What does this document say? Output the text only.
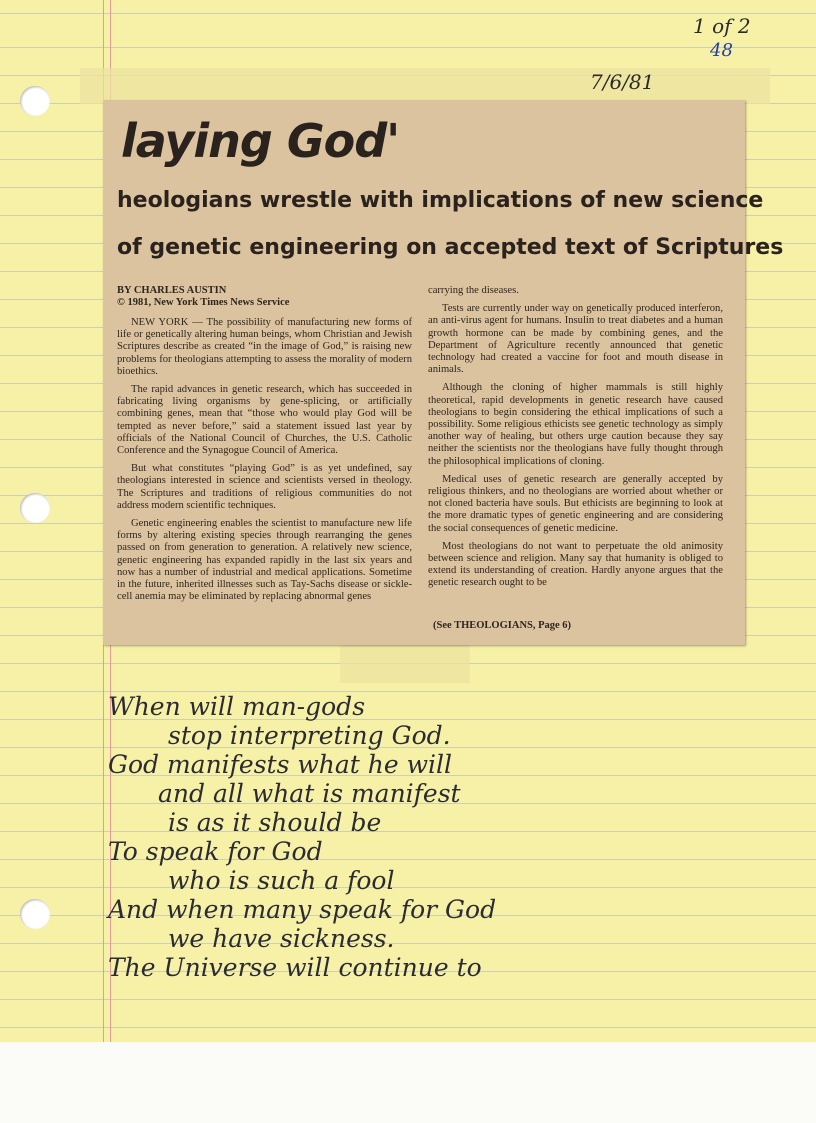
1 of 2
48
7/6/81
laying God'
heologians wrestle with implications of new science
of genetic engineering on accepted text of Scriptures
BY CHARLES AUSTIN
© 1981, New York Times News Service

NEW YORK — The possibility of manufacturing new forms of life or genetically altering human beings, whom Christian and Jewish Scriptures describe as created “in the image of God,” is raising new problems for theologians attempting to assess the morality of modern bioethics.

The rapid advances in genetic research, which has succeeded in fabricating living organisms by gene-splicing, or artificially combining genes, mean that “those who would play God will be tempted as never before,” said a statement issued last year by officials of the National Council of Churches, the U.S. Catholic Conference and the Synagogue Council of America.

But what constitutes “playing God” is as yet undefined, say theologians interested in science and scientists versed in theology. The Scriptures and traditions of religious communities do not address modern scientific techniques.

Genetic engineering enables the scientist to manufacture new life forms by altering existing species through rearranging the genes passed on from generation to generation. A relatively new science, genetic engineering has expanded rapidly in the last six years and now has a number of industrial and medical applications. Sometime in the future, inherited illnesses such as Tay-Sachs disease or sickle-cell anemia may be eliminated by replacing abnormal genes

carrying the diseases.

Tests are currently under way on genetically produced interferon, an anti-virus agent for humans. Insulin to treat diabetes and a human growth hormone can be made by combining genes, and the Department of Agriculture recently announced that genetic technology had created a vaccine for foot and mouth disease in animals.

Although the cloning of higher mammals is still highly theoretical, rapid developments in genetic research have caused theologians to begin considering the ethical implications of such a possibility. Some religious ethicists see genetic technology as simply another way of healing, but others urge caution because they say neither the scientists nor the theologians have fully thought through the philosophical implications of cloning.

Medical uses of genetic research are generally accepted by religious thinkers, and no theologians are worried about whether or not cloned bacteria have souls. But ethicists are beginning to look at the more dramatic types of genetic engineering and are considering the social consequences of genetic medicine.

Most theologians do not want to perpetuate the old animosity between science and religion. Many say that humanity is obliged to extend its understanding of creation. Hardly anyone argues that the genetic research ought to be

(See THEOLOGIANS, Page 6)
When will man-gods
stop interpreting God.
God manifests what he will
and all what is manifest
is as it should be
To speak for God
who is such a fool
And when many speak for God
we have sickness.
The Universe will continue to
